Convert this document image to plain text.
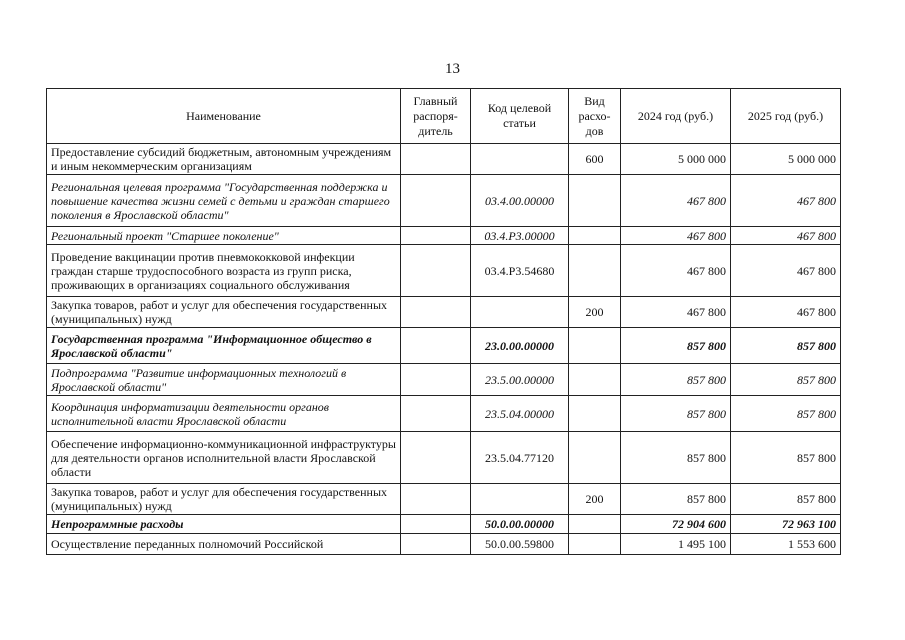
13
Наименование	Главный распоря-дитель	Код целевой статьи	Вид расхо-дов	2024 год (руб.)	2025 год (руб.)
Предоставление субсидий бюджетным, автономным учреждениям и иным некоммерческим организациям			600	5 000 000	5 000 000
Региональная целевая программа "Государственная поддержка и повышение качества жизни семей с детьми и граждан старшего поколения в Ярославской области"		03.4.00.00000		467 800	467 800
Региональный проект "Старшее поколение"		03.4.P3.00000		467 800	467 800
Проведение вакцинации против пневмококковой инфекции граждан старше трудоспособного возраста из групп риска, проживающих в организациях социального обслуживания		03.4.P3.54680		467 800	467 800
Закупка товаров, работ и услуг для обеспечения государственных (муниципальных) нужд			200	467 800	467 800
Государственная программа "Информационное общество в Ярославской области"		23.0.00.00000		857 800	857 800
Подпрограмма "Развитие информационных технологий в Ярославской области"		23.5.00.00000		857 800	857 800
Координация информатизации деятельности органов исполнительной власти Ярославской области		23.5.04.00000		857 800	857 800
Обеспечение информационно-коммуникационной инфраструктуры для деятельности органов исполнительной власти Ярославской области		23.5.04.77120		857 800	857 800
Закупка товаров, работ и услуг для обеспечения государственных (муниципальных) нужд			200	857 800	857 800
Непрограммные расходы		50.0.00.00000		72 904 600	72 963 100
Осуществление переданных полномочий Российской		50.0.00.59800		1 495 100	1 553 600
